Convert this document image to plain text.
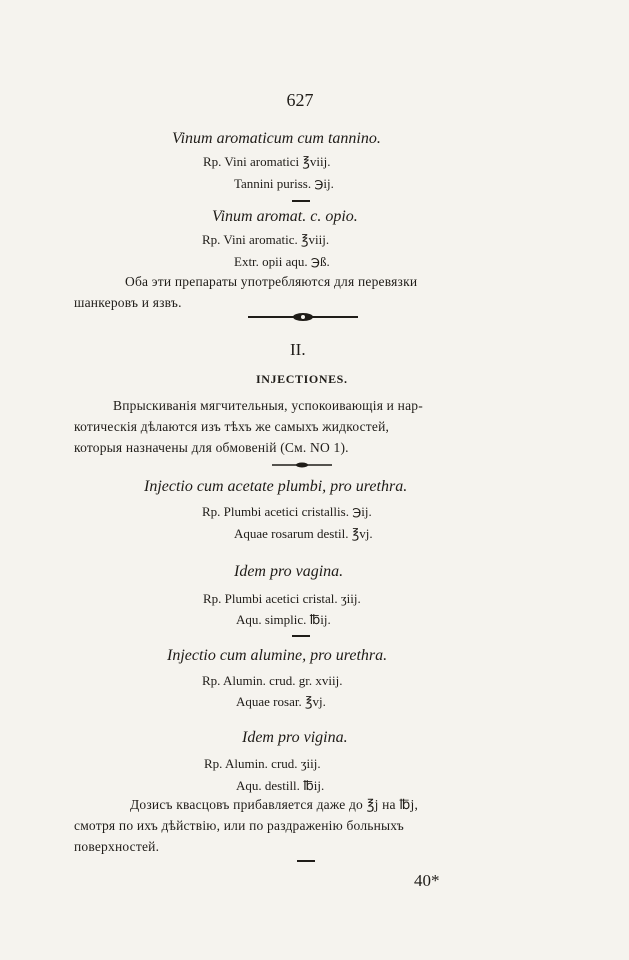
627
Vinum aromaticum cum tannino.
Rp. Vini aromatici ℥viij.
Tannini puriss. ℈ij.
Vinum aromat. c. opio.
Rp. Vini aromatic. ℥viij.
Extr. opii aqu. ℈ß.
Оба эти препараты употребляются для перевязки
шанкеровъ и язвъ.
II.
INJECTIONES.
Впрыскиванія мягчительныя, успокоивающія и нар-
котическія дѣлаются изъ тѣхъ же самыхъ жидкостей,
которыя назначены для обмовеній (См. NO 1).
Injectio cum acetate plumbi, pro urethra.
Rp. Plumbi acetici cristallis. ℈ij.
Aquae rosarum destil. ℥vj.
Idem pro vagina.
Rp. Plumbi acetici cristal. ʒiij.
Aqu. simplic. ℔ij.
Injectio cum alumine, pro urethra.
Rp. Alumin. crud. gr. xviij.
Aquae rosar. ℥vj.
Idem pro vigina.
Rp. Alumin. crud. ʒiij.
Aqu. destill. ℔ij.
Дозисъ квасцовъ прибавляется даже до ℥j на ℔j,
смотря по ихъ дѣйствію, или по раздраженію больныхъ
поверхностей.
40*
